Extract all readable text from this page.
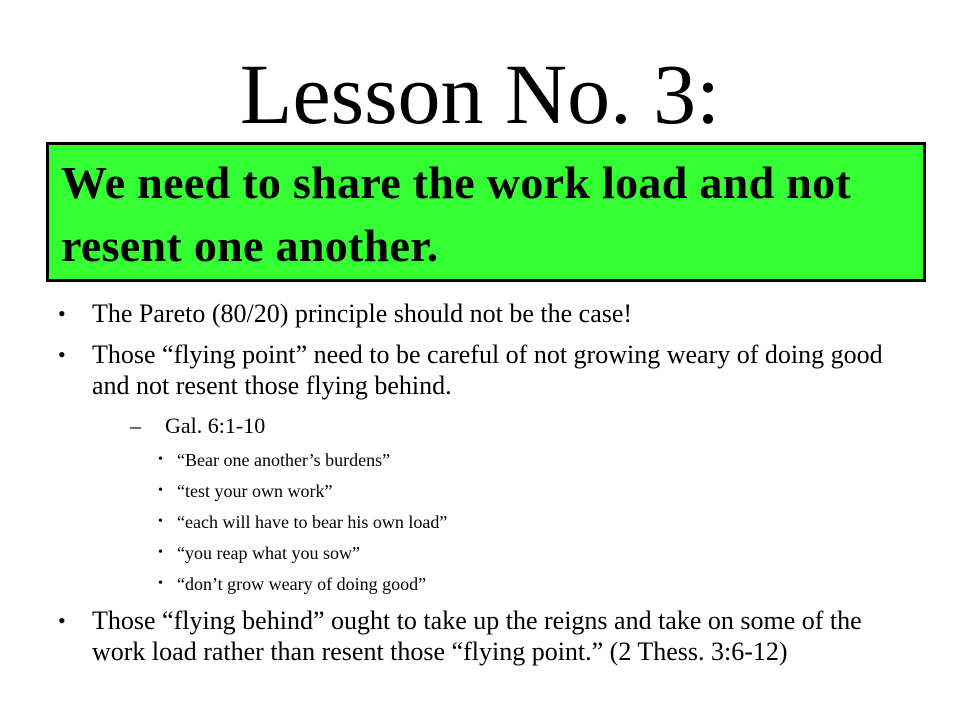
Lesson No. 3:
We need to share the work load and not resent one another.
• The Pareto (80/20) principle should not be the case!
• Those “flying point” need to be careful of not growing weary of doing good and not resent those flying behind.
– Gal. 6:1-10
• “Bear one another’s burdens”
• “test your own work”
• “each will have to bear his own load”
• “you reap what you sow”
• “don’t grow weary of doing good”
• Those “flying behind” ought to take up the reigns and take on some of the work load rather than resent those “flying point.” (2 Thess. 3:6-12)
